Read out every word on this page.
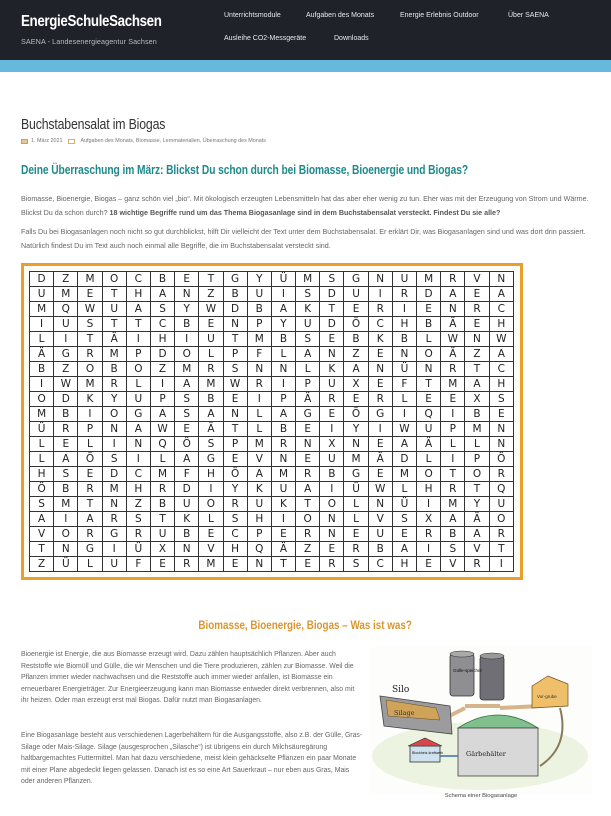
EnergieSchuleSachsen
SAENA - Landesenergieagentur Sachsen
Unterrichtsmodule	Aufgaben des Monats	Energie Erlebnis Outdoor	Über SAENA
Ausleihe CO2-Messgeräte	Downloads
Buchstabensalat im Biogas
1. März 2021	Aufgaben des Monats, Biomasse, Lernmaterialien, Überraschung des Monats
Deine Überraschung im März: Blickst Du schon durch bei Biomasse, Bioenergie und Biogas?

Biomasse, Bioenergie, Biogas – ganz schön viel „bio“. Mit ökologisch erzeugten Lebensmitteln hat das aber eher wenig zu tun. Eher was mit der Erzeugung von Strom und Wärme. Blickst Du da schon durch? 18 wichtige Begriffe rund um das Thema Biogasanlage sind in dem Buchstabensalat versteckt. Findest Du sie alle?

Falls Du bei Biogasanlagen noch nicht so gut durchblickst, hilft Dir vielleicht der Text unter dem Buchstabensalat. Er erklärt Dir, was Biogasanlagen sind und was dort drin passiert. Natürlich findest Du im Text auch noch einmal alle Begriffe, die im Buchstabensalat versteckt sind.

D	Z	M	O	C	B	E	T	G	Y	Ü	M	S	G	N	U	M	R	V	N
U	M	E	T	H	A	N	Z	B	U	I	S	D	U	I	R	D	A	E	A
M	Q	W	U	A	S	Y	W	D	B	A	K	T	E	R	I	E	N	R	C
I	U	S	T	T	C	B	E	N	P	Y	U	D	Ö	C	H	B	Ä	E	H
L	I	T	Ä	I	H	I	U	T	M	B	S	E	B	K	B	L	W	N	W
Ä	G	R	M	P	D	O	L	P	F	L	A	N	Z	E	N	O	Ä	Z	A
B	Z	O	B	O	Z	M	R	S	N	N	L	K	A	N	Ü	N	R	T	C
I	W	M	R	L	I	A	M	W	R	I	P	U	X	E	F	T	M	A	H
O	D	K	Y	U	P	S	B	E	I	P	Ä	R	E	R	L	E	E	X	S
M	B	I	O	G	A	S	A	N	L	A	G	E	Ö	G	I	Q	I	B	E
Ü	R	P	N	A	W	E	Ä	T	L	B	E	I	Y	I	W	U	P	M	N
L	E	L	I	N	Q	Ö	S	P	M	R	N	X	N	E	A	Ä	L	L	N
L	A	Ö	S	I	L	A	G	E	V	N	E	U	M	Ä	D	L	I	P	Ö
H	S	E	D	C	M	F	H	Ö	A	M	R	B	G	E	M	O	T	O	R
Ö	B	R	M	H	R	D	I	Y	K	U	A	I	Ü	W	L	H	R	T	Q
S	M	T	N	Z	B	U	O	R	U	K	T	O	L	N	Ü	I	M	Y	U
A	I	A	R	S	T	K	L	S	H	I	O	N	L	V	S	X	A	Ä	O
V	O	R	G	R	U	B	E	C	P	E	R	N	E	U	E	R	B	A	R
T	N	G	I	Ü	X	N	V	H	Q	Ä	Z	E	R	B	A	I	S	V	T
Z	Ü	L	U	F	E	R	M	E	N	T	E	R	S	C	H	E	V	R	I
Biomasse, Bioenergie, Biogas – Was ist was?

Bioenergie ist Energie, die aus Biomasse erzeugt wird. Dazu zählen hauptsächlich Pflanzen. Aber auch Reststoffe wie Biomüll und Gülle, die wir Menschen und die Tiere produzieren, zählen zur Biomasse. Weil die Pflanzen immer wieder nachwachsen und die Reststoffe auch immer wieder anfallen, ist Biomasse ein erneuerbarer Energieträger. Zur Energieerzeugung kann man Biomasse entweder direkt verbrennen, also mit ihr heizen. Oder man erzeugt erst mal Biogas. Dafür nutzt man Biogasanlagen.

Eine Biogasanlage besteht aus verschiedenen Lagerbehältern für die Ausgangsstoffe, also z.B. der Gülle, Gras-Silage oder Mais-Silage. Silage (ausgesprochen „Silasche“) ist übrigens ein durch Milchsäuregärung haltbargemachtes Futtermittel. Man hat dazu verschiedene, meist klein gehäckselte Pflanzen ein paar Monate mit einer Plane abgedeckt liegen gelassen. Danach ist es so eine Art Sauerkraut – nur eben aus Gras, Mais oder anderen Pflanzen.

Silo
Silage
Gülle-speicher
Vor-grube
Gärbehälter
Blockheiz-kraftwerk
Schema einer Biogasanlage
